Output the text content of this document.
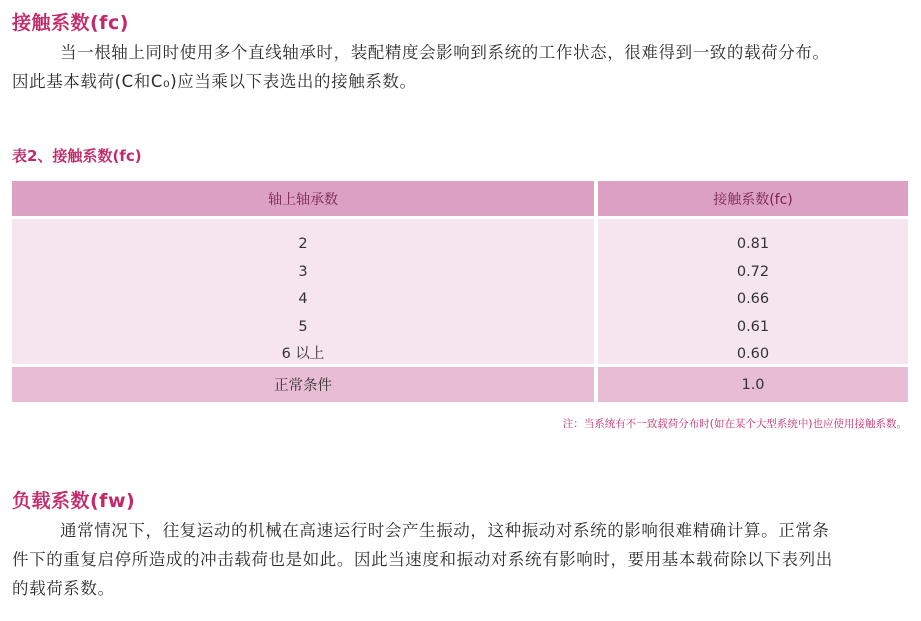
接触系数(fc)
当一根轴上同时使用多个直线轴承时，装配精度会影响到系统的工作状态，很难得到一致的载荷分布。
因此基本载荷(C和C₀)应当乘以下表选出的接触系数。
表2、接触系数(fc)
轴上轴承数	接触系数(fc)
2
3
4
5
6 以上
0.81
0.72
0.66
0.61
0.60
正常条件	1.0
注：当系统有不一致载荷分布时(如在某个大型系统中)也应使用接触系数。
负载系数(fw)
通常情况下，往复运动的机械在高速运行时会产生振动，这种振动对系统的影响很难精确计算。正常条
件下的重复启停所造成的冲击载荷也是如此。因此当速度和振动对系统有影响时，要用基本载荷除以下表列出
的载荷系数。
